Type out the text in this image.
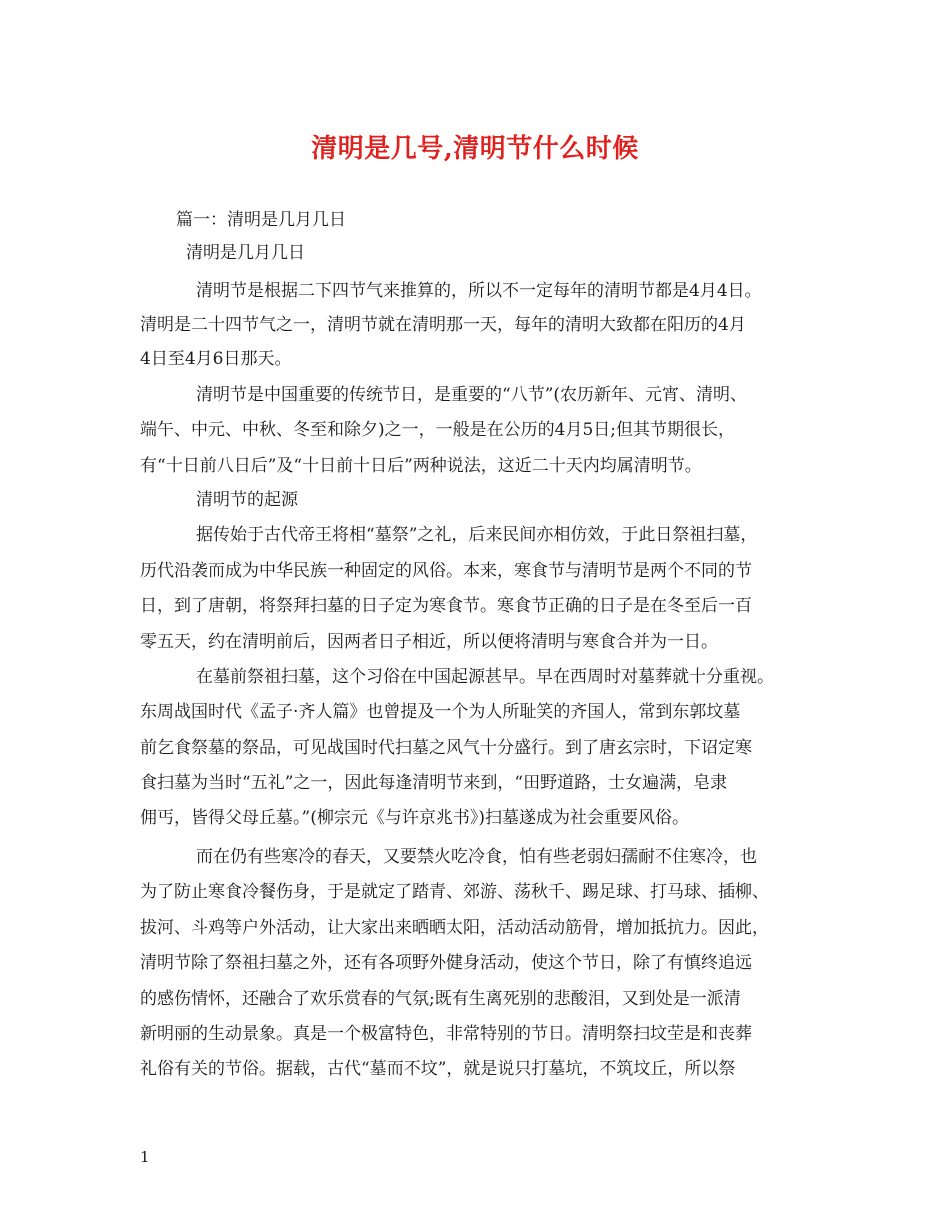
清明是几号,清明节什么时候
篇一：清明是几月几日
清明是几月几日
清明节是根据二下四节气来推算的，所以不一定每年的清明节都是4月4日。
清明是二十四节气之一，清明节就在清明那一天，每年的清明大致都在阳历的4月
4日至4月6日那天。
清明节是中国重要的传统节日，是重要的“八节”(农历新年、元宵、清明、
端午、中元、中秋、冬至和除夕)之一，一般是在公历的4月5日;但其节期很长，
有“十日前八日后”及“十日前十日后”两种说法，这近二十天内均属清明节。
清明节的起源
据传始于古代帝王将相“墓祭”之礼，后来民间亦相仿效，于此日祭祖扫墓，
历代沿袭而成为中华民族一种固定的风俗。本来，寒食节与清明节是两个不同的节
日，到了唐朝，将祭拜扫墓的日子定为寒食节。寒食节正确的日子是在冬至后一百
零五天，约在清明前后，因两者日子相近，所以便将清明与寒食合并为一日。
在墓前祭祖扫墓，这个习俗在中国起源甚早。早在西周时对墓葬就十分重视。
东周战国时代《孟子·齐人篇》也曾提及一个为人所耻笑的齐国人，常到东郭坟墓
前乞食祭墓的祭品，可见战国时代扫墓之风气十分盛行。到了唐玄宗时，下诏定寒
食扫墓为当时“五礼”之一，因此每逢清明节来到，“田野道路，士女遍满，皂隶
佣丐，皆得父母丘墓。”(柳宗元《与许京兆书》)扫墓遂成为社会重要风俗。
而在仍有些寒冷的春天，又要禁火吃冷食，怕有些老弱妇孺耐不住寒冷，也
为了防止寒食冷餐伤身，于是就定了踏青、郊游、荡秋千、踢足球、打马球、插柳、
拔河、斗鸡等户外活动，让大家出来晒晒太阳，活动活动筋骨，增加抵抗力。因此，
清明节除了祭祖扫墓之外，还有各项野外健身活动，使这个节日，除了有慎终追远
的感伤情怀，还融合了欢乐赏春的气氛;既有生离死别的悲酸泪，又到处是一派清
新明丽的生动景象。真是一个极富特色，非常特别的节日。清明祭扫坟茔是和丧葬
礼俗有关的节俗。据载，古代“墓而不坟”，就是说只打墓坑，不筑坟丘，所以祭
1
